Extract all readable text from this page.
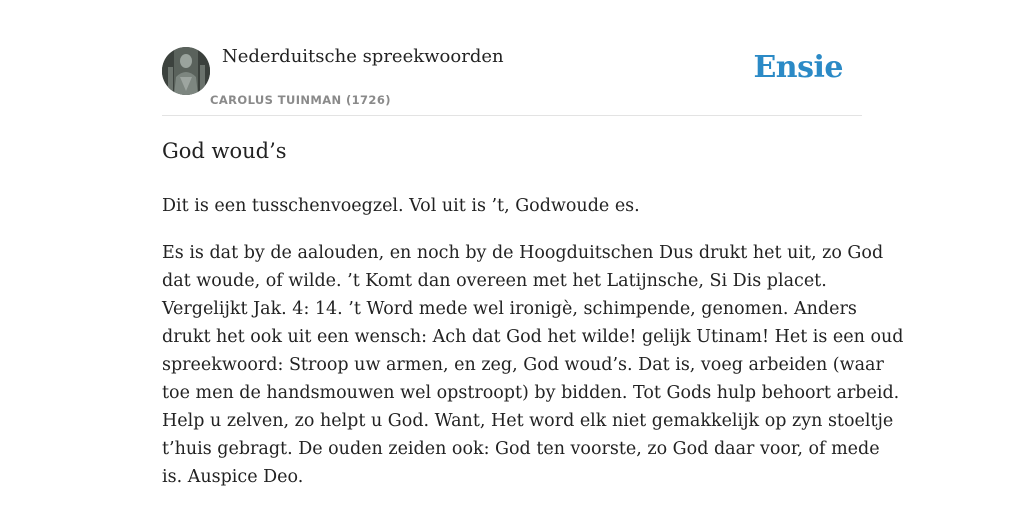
Nederduitsche spreekwoorden
CAROLUS TUINMAN (1726)
Ensie
God woud’s

Dit is een tusschenvoegzel. Vol uit is ’t, Godwoude es.

Es is dat by de aalouden, en noch by de Hoogduitschen Dus drukt het uit, zo God
dat woude, of wilde. ’t Komt dan overeen met het Latijnsche, Si Dis placet.
Vergelijkt Jak. 4: 14. ’t Word mede wel ironigè, schimpende, genomen. Anders
drukt het ook uit een wensch: Ach dat God het wilde! gelijk Utinam! Het is een oud
spreekwoord: Stroop uw armen, en zeg, God woud’s. Dat is, voeg arbeiden (waar
toe men de handsmouwen wel opstroopt) by bidden. Tot Gods hulp behoort arbeid.
Help u zelven, zo helpt u God. Want, Het word elk niet gemakkelijk op zyn stoeltje
t’huis gebragt. De ouden zeiden ook: God ten voorste, zo God daar voor, of mede
is. Auspice Deo.
